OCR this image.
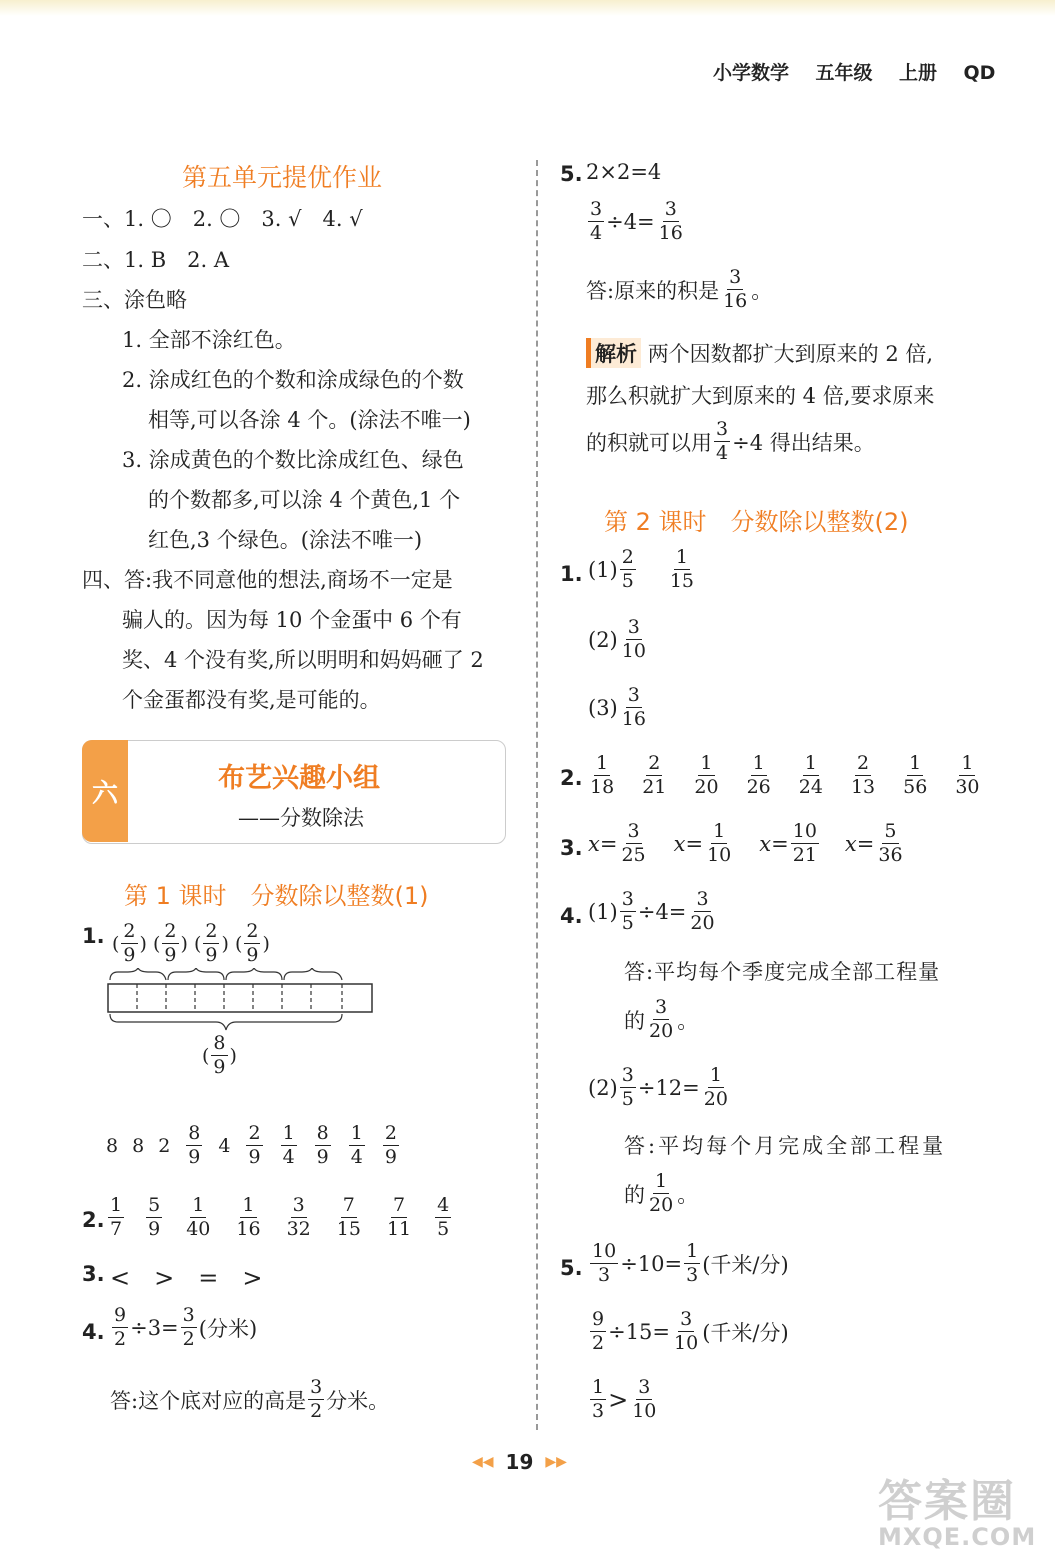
小学数学 五年级 上册 QD
第五单元提优作业
一、1. 〇　2. 〇　3. √　4. √
二、1. B　2. A
三、涂色略
1. 全部不涂红色。
2. 涂成红色的个数和涂成绿色的个数
相等,可以各涂 4 个。(涂法不唯一)
3. 涂成黄色的个数比涂成红色、绿色
的个数都多,可以涂 4 个黄色,1 个
红色,3 个绿色。(涂法不唯一)
四、答:我不同意他的想法,商场不一定是
骗人的。因为每 10 个金蛋中 6 个有
奖、4 个没有奖,所以明明和妈妈砸了 2
个金蛋都没有奖,是可能的。
六	布艺兴趣小组
——分数除法
第 1 课时　分数除以整数(1)
1. ( $\frac{2}{9}$ )
( $\frac{2}{9}$ )
( $\frac{2}{9}$ )
( $\frac{2}{9}$ )
( $\frac{8}{9}$ )
8 8 $2 \frac{8}{9} 4 \frac{2}{9} \frac{1}{4} \frac{8}{9} \frac{1}{4} \frac{2}{9}$
2. $\frac{1}{7} \frac{5}{9} \frac{1}{40} \frac{1}{16} \frac{3}{32} \frac{7}{15} \frac{7}{11} \frac{4}{5}$
3. <　>　=　>
4. $\frac{9}{2} \div 3= \frac{3}{2}$ (分米)
答:这个底对应的高是 $\frac{3}{2}$ 分米。
5. 2×2=4
$\frac{3}{4} \div 4= \frac{3}{16}$
答:原来的积是 $\frac{3}{16}$ 。
解析 两个因数都扩大到原来的 2 倍,
那么积就扩大到原来的 4 倍,要求原来
的积就可以用 $\frac{3}{4} \div 4$ 得出结果。
第 2 课时　分数除以整数(2)
1. $(1) \frac{2}{5} \frac{1}{15}$
$(2) \frac{3}{10}$
$(3) \frac{3}{16}$
2. $\frac{1}{18} \frac{2}{21} \frac{1}{20} \frac{1}{26} \frac{1}{24} \frac{2}{13} \frac{1}{56} \frac{1}{30}$
3. $x = \frac{3}{25}$ $x = \frac{1}{10}$ $x = \frac{10}{21}$ $x = \frac{5}{36}$
4. $(1) \frac{3}{5} \div 4= \frac{3}{20}$
答:平均每个季度完成全部工程量
的 $\frac{3}{20}$ 。
$(2) \frac{3}{5} \div 12= \frac{1}{20}$
答:平均每个月完成全部工程量
的 $\frac{1}{20}$ 。
5. $\frac{10}{3} \div 10= \frac{1}{3}$ (千米/分)
$\frac{9}{2} \div 15= \frac{3}{10}$ (千米/分)
$\frac{1}{3} > \frac{3}{10}$
◀◀ 19 ▶▶
答案圈
MXQE.COM
